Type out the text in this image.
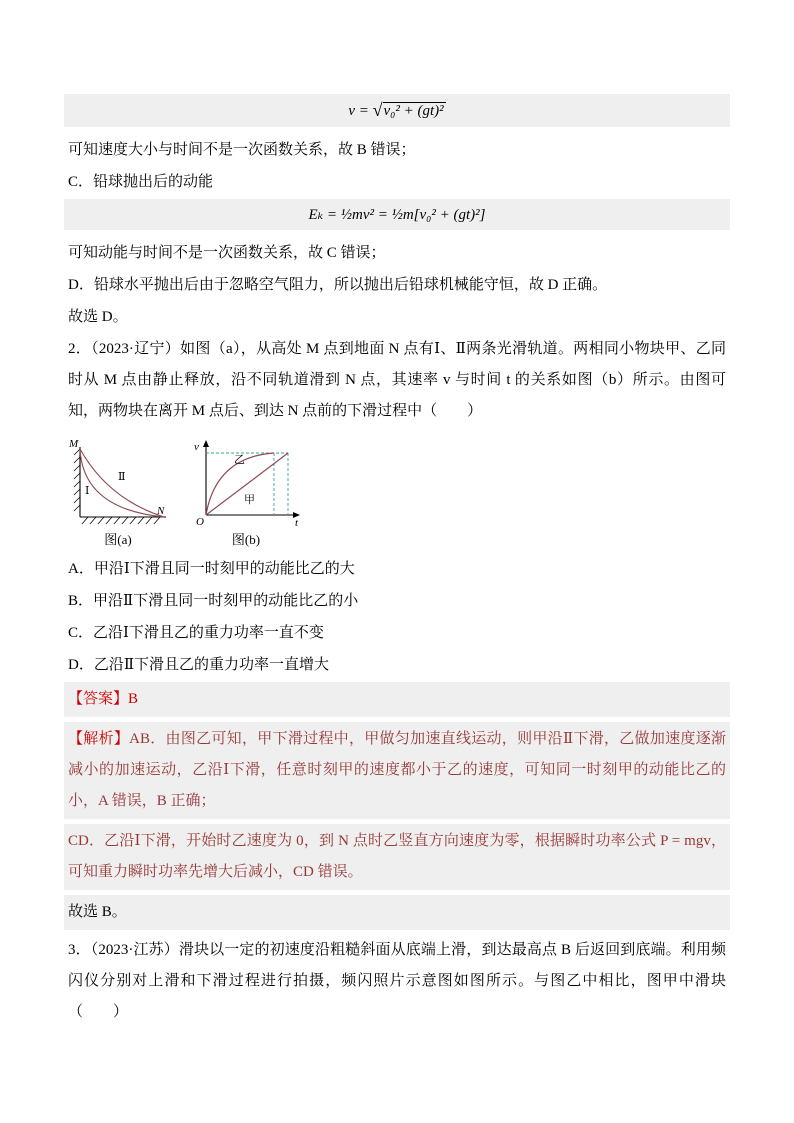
v = √v₀² + (gt)²

可知速度大小与时间不是一次函数关系，故 B 错误；

C．铅球抛出后的动能

Eₖ = ½mv² = ½m[v₀² + (gt)²]

可知动能与时间不是一次函数关系，故 C 错误；

D．铅球水平抛出后由于忽略空气阻力，所以抛出后铅球机械能守恒，故 D 正确。

故选 D。

2．（2023·辽宁）如图（a），从高处 M 点到地面 N 点有Ⅰ、Ⅱ两条光滑轨道。两相同小物块甲、乙同时从 M 点由静止释放，沿不同轨道滑到 N 点，其速率 v 与时间 t 的关系如图（b）所示。由图可知，两物块在离开 M 点后、到达 N 点前的下滑过程中（　　）

M
N
Ⅰ
Ⅱ
图(a)
v
t
O
乙
甲
图(b)

A．甲沿Ⅰ下滑且同一时刻甲的动能比乙的大

B．甲沿Ⅱ下滑且同一时刻甲的动能比乙的小

C．乙沿Ⅰ下滑且乙的重力功率一直不变

D．乙沿Ⅱ下滑且乙的重力功率一直增大

【答案】B

【解析】AB．由图乙可知，甲下滑过程中，甲做匀加速直线运动，则甲沿Ⅱ下滑，乙做加速度逐渐减小的加速运动，乙沿Ⅰ下滑，任意时刻甲的速度都小于乙的速度，可知同一时刻甲的动能比乙的小，A 错误，B 正确；

CD．乙沿Ⅰ下滑，开始时乙速度为 0，到 N 点时乙竖直方向速度为零，根据瞬时功率公式 P = mgv，可知重力瞬时功率先增大后减小，CD 错误。

故选 B。

3．（2023·江苏）滑块以一定的初速度沿粗糙斜面从底端上滑，到达最高点 B 后返回到底端。利用频闪仪分别对上滑和下滑过程进行拍摄，频闪照片示意图如图所示。与图乙中相比，图甲中滑块（　　）
